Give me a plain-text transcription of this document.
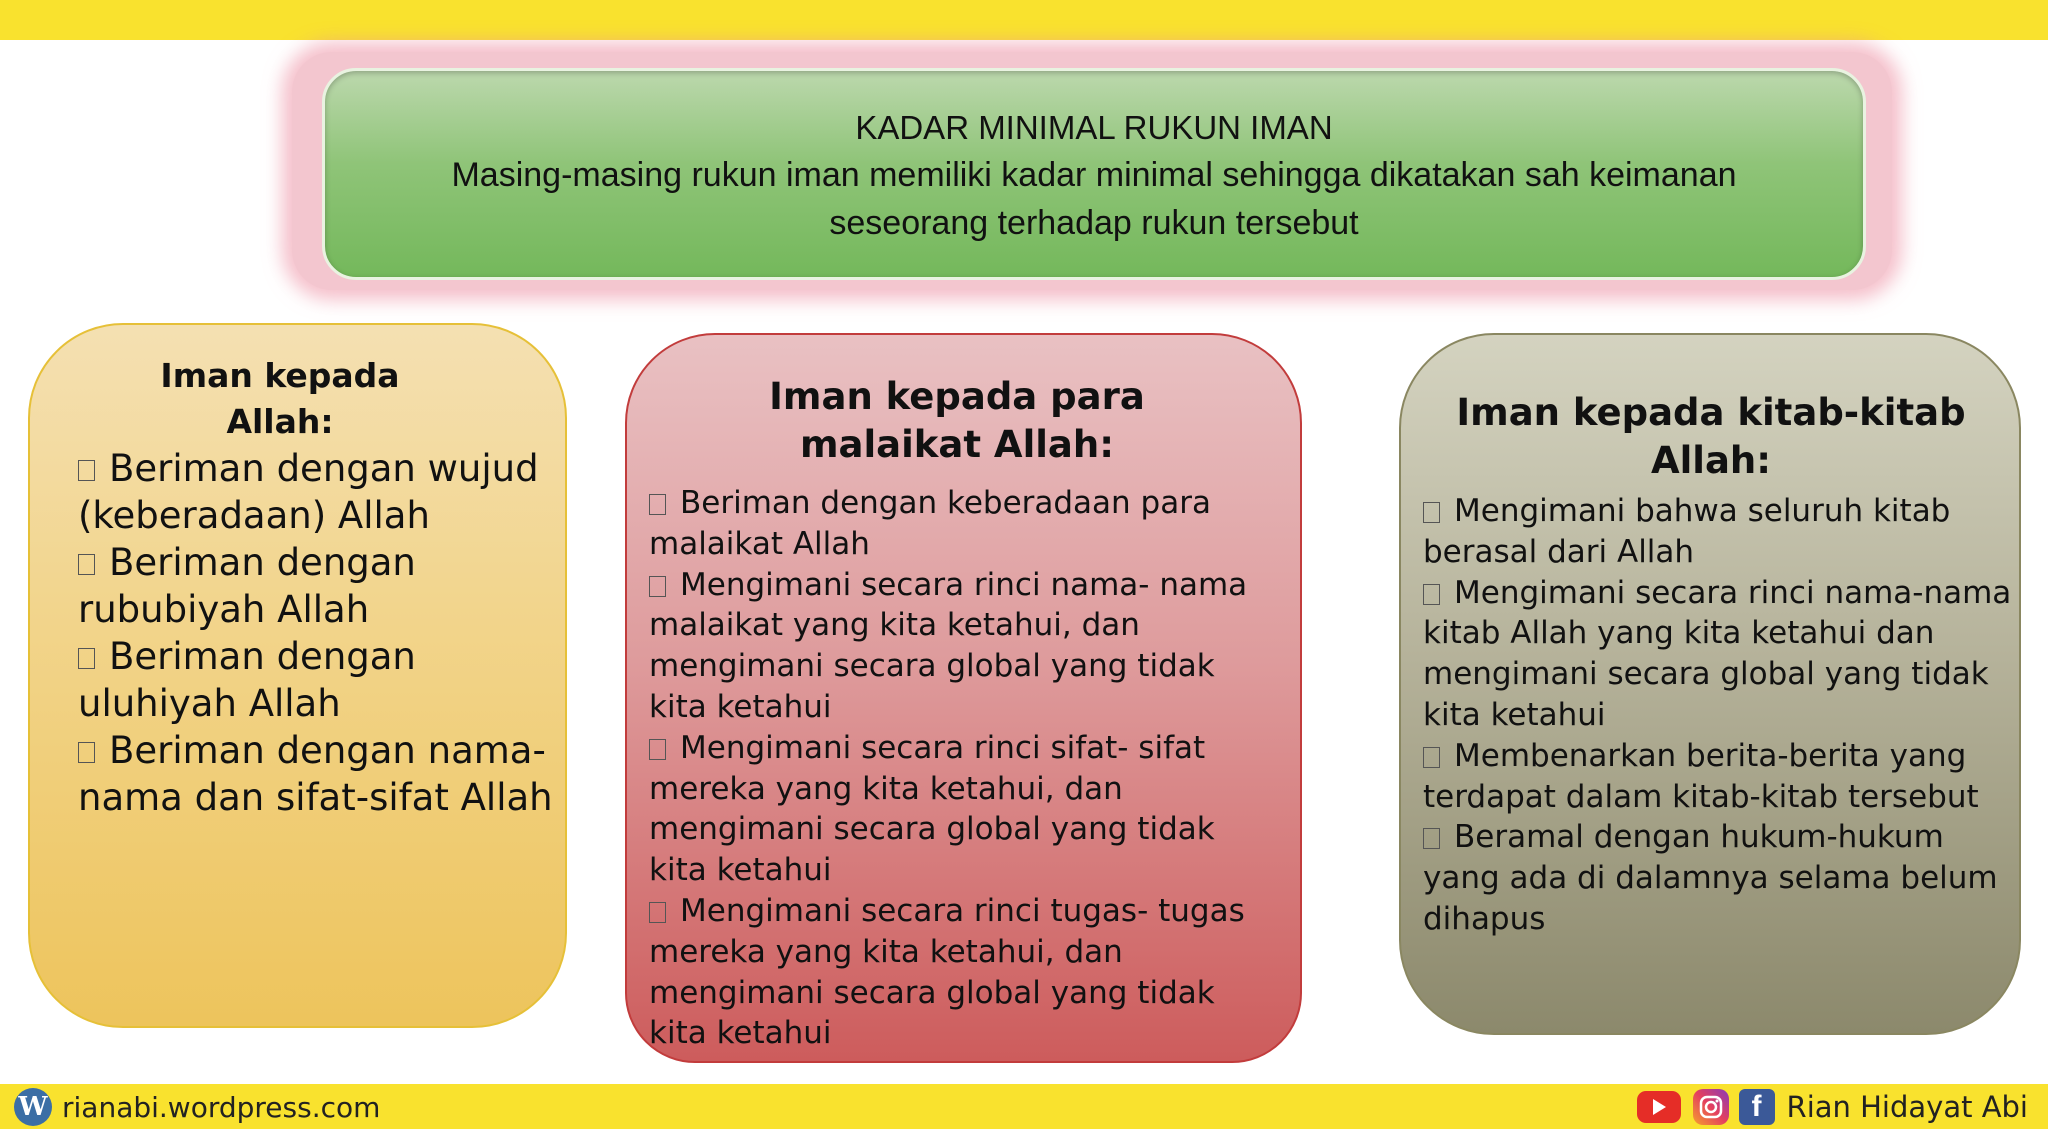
KADAR MINIMAL RUKUN IMAN
Masing-masing rukun iman memiliki kadar minimal sehingga dikatakan sah keimanan seseorang terhadap rukun tersebut
Iman kepada Allah:
Beriman dengan wujud (keberadaan) Allah
Beriman dengan rububiyah Allah
Beriman dengan uluhiyah Allah
Beriman dengan nama-nama dan sifat-sifat Allah
Iman kepada para malaikat Allah:
Beriman dengan keberadaan para malaikat Allah
Mengimani secara rinci nama- nama malaikat yang kita ketahui, dan mengimani secara global yang tidak kita ketahui
Mengimani secara rinci sifat- sifat mereka yang kita ketahui, dan mengimani secara global yang tidak kita ketahui
Mengimani secara rinci tugas- tugas mereka yang kita ketahui, dan mengimani secara global yang tidak kita ketahui
Iman kepada kitab-kitab Allah:
Mengimani bahwa seluruh kitab berasal dari Allah
Mengimani secara rinci nama-nama kitab Allah yang kita ketahui dan mengimani secara global yang tidak kita ketahui
Membenarkan berita-berita yang terdapat dalam kitab-kitab tersebut
Beramal dengan hukum-hukum yang ada di dalamnya selama belum dihapus
W rianabi.wordpress.com	f Rian Hidayat Abi
